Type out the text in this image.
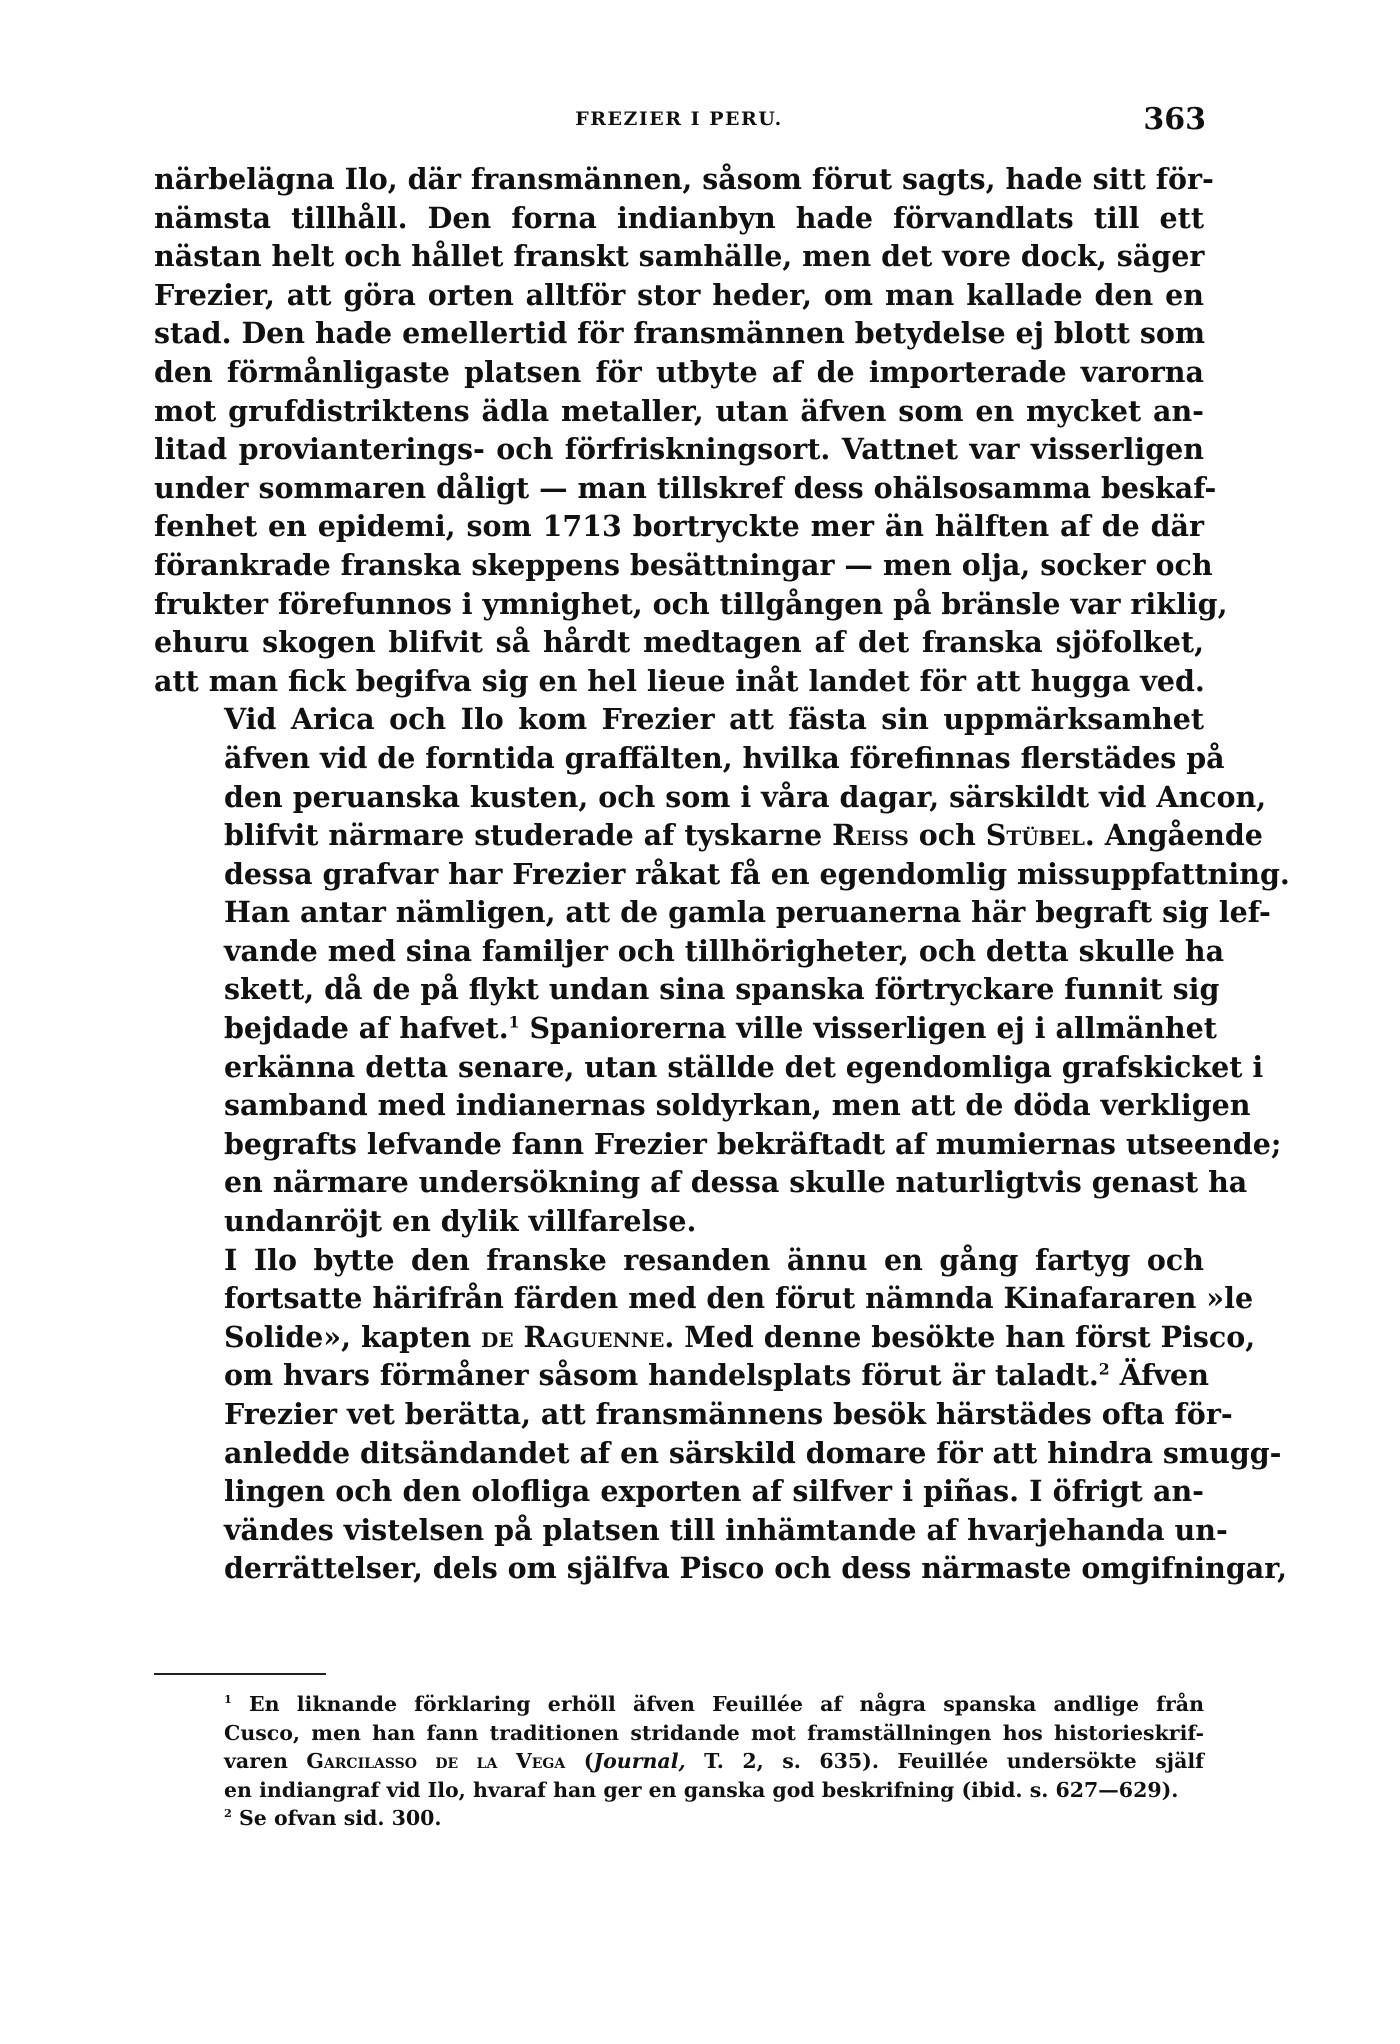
FREZIER I PERU.	363

närbelägna Ilo, där fransmännen, såsom förut sagts, hade sitt för-
nämsta tillhåll. Den forna indianbyn hade förvandlats till ett
nästan helt och hållet franskt samhälle, men det vore dock, säger
Frezier, att göra orten alltför stor heder, om man kallade den en
stad. Den hade emellertid för fransmännen betydelse ej blott som
den förmånligaste platsen för utbyte af de importerade varorna
mot grufdistriktens ädla metaller, utan äfven som en mycket an-
litad provianterings- och förfriskningsort. Vattnet var visserligen
under sommaren dåligt — man tillskref dess ohälsosamma beskaf-
fenhet en epidemi, som 1713 bortryckte mer än hälften af de där
förankrade franska skeppens besättningar — men olja, socker och
frukter förefunnos i ymnighet, och tillgången på bränsle var riklig,
ehuru skogen blifvit så hårdt medtagen af det franska sjöfolket,
att man fick begifva sig en hel lieue inåt landet för att hugga ved.

Vid Arica och Ilo kom Frezier att fästa sin uppmärksamhet
äfven vid de forntida graffälten, hvilka förefinnas flerstädes på
den peruanska kusten, och som i våra dagar, särskildt vid Ancon,
blifvit närmare studerade af tyskarne Reiss och Stübel. Angående
dessa grafvar har Frezier råkat få en egendomlig missuppfattning.
Han antar nämligen, att de gamla peruanerna här begraft sig lef-
vande med sina familjer och tillhörigheter, och detta skulle ha
skett, då de på flykt undan sina spanska förtryckare funnit sig
bejdade af hafvet.$^1$ Spaniorerna ville visserligen ej i allmänhet
erkänna detta senare, utan ställde det egendomliga grafskicket i
samband med indianernas soldyrkan, men att de döda verkligen
begrafts lefvande fann Frezier bekräftadt af mumiernas utseende;
en närmare undersökning af dessa skulle naturligtvis genast ha
undanröjt en dylik villfarelse.

I Ilo bytte den franske resanden ännu en gång fartyg och
fortsatte härifrån färden med den förut nämnda Kinafararen »le
Solide», kapten de Raguenne. Med denne besökte han först Pisco,
om hvars förmåner såsom handelsplats förut är taladt.$^2$ Äfven
Frezier vet berätta, att fransmännens besök härstädes ofta för-
anledde ditsändandet af en särskild domare för att hindra smugg-
lingen och den olofliga exporten af silfver i piñas. I öfrigt an-
vändes vistelsen på platsen till inhämtande af hvarjehanda un-
derrättelser, dels om själfva Pisco och dess närmaste omgifningar,

$^1$ En liknande förklaring erhöll äfven Feuillée af några spanska andlige från
Cusco, men han fann traditionen stridande mot framställningen hos historieskrif-
varen Garcilasso de la Vega (Journal, T. 2, s. 635). Feuillée undersökte själf
en indiangraf vid Ilo, hvaraf han ger en ganska god beskrifning (ibid. s. 627—629).

$^2$ Se ofvan sid. 300.
